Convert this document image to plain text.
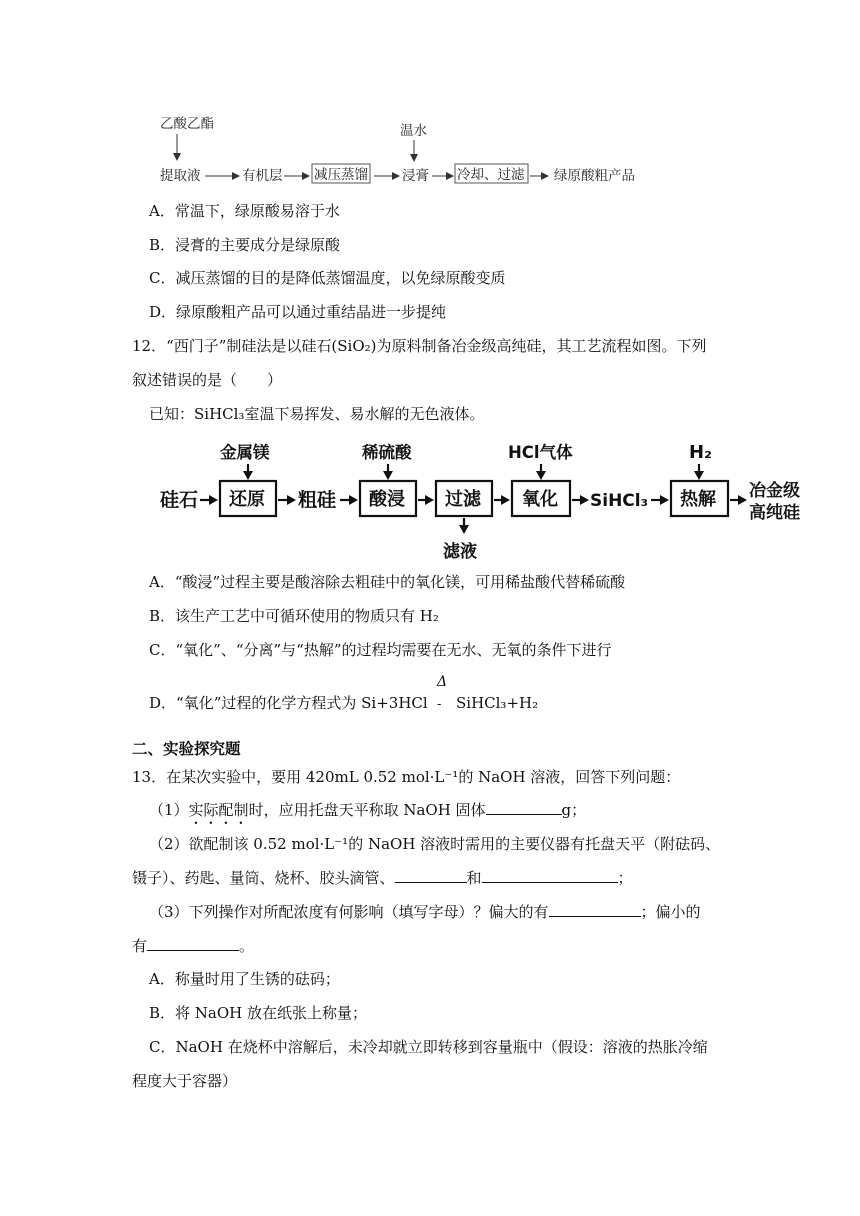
乙酸乙酯
提取液	有机层 减压蒸馏
温水
浸膏 冷却、过滤 绿原酸粗产品
A．常温下，绿原酸易溶于水
B．浸膏的主要成分是绿原酸
C．减压蒸馏的目的是降低蒸馏温度，以免绿原酸变质
D．绿原酸粗产品可以通过重结晶进一步提纯
12．“西门子”制硅法是以硅石(SiO₂)为原料制备冶金级高纯硅，其工艺流程如图。下列
叙述错误的是（　　）
已知：SiHCl₃室温下易挥发、易水解的无色液体。
硅石
金属镁
还原 粗硅
稀硫酸
酸浸 过滤
滤液
HCl气体
氧化 SiHCl₃
H₂
热解 冶金级
高纯硅
A．“酸浸”过程主要是酸溶除去粗硅中的氧化镁，可用稀盐酸代替稀硫酸
B．该生产工艺中可循环使用的物质只有 H₂
C．“氧化”、“分离”与“热解”的过程均需要在无水、无氧的条件下进行
Δ
D．“氧化”过程的化学方程式为 Si+3HCl - SiHCl₃+H₂
二、实验探究题
13．在某次实验中，要用 420mL 0.52 mol·L⁻¹的 NaOH 溶液，回答下列问题：
（1）实际配制时，应用托盘天平称取 NaOH 固体	g；
（2）欲配制该 0.52 mol·L⁻¹的 NaOH 溶液时需用的主要仪器有托盘天平（附砝码、
镊子）、药匙、量筒、烧杯、胶头滴管、	和	；
（3）下列操作对所配浓度有何影响（填写字母）？偏大的有	；偏小的
有	。
A．称量时用了生锈的砝码；
B．将 NaOH 放在纸张上称量；
C．NaOH 在烧杯中溶解后，未冷却就立即转移到容量瓶中（假设：溶液的热胀冷缩
程度大于容器）
